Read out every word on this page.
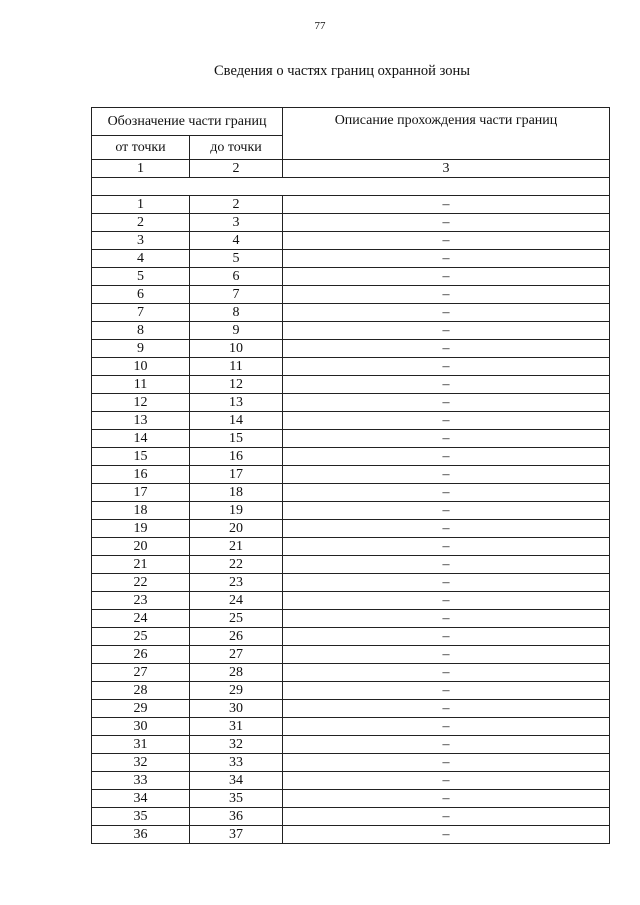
77
Сведения о частях границ охранной зоны
Обозначение части границ		Описание прохождения части границ
от точки	до точки	
1	2	3

1	2	–
2	3	–
3	4	–
4	5	–
5	6	–
6	7	–
7	8	–
8	9	–
9	10	–
10	11	–
11	12	–
12	13	–
13	14	–
14	15	–
15	16	–
16	17	–
17	18	–
18	19	–
19	20	–
20	21	–
21	22	–
22	23	–
23	24	–
24	25	–
25	26	–
26	27	–
27	28	–
28	29	–
29	30	–
30	31	–
31	32	–
32	33	–
33	34	–
34	35	–
35	36	–
36	37	–
